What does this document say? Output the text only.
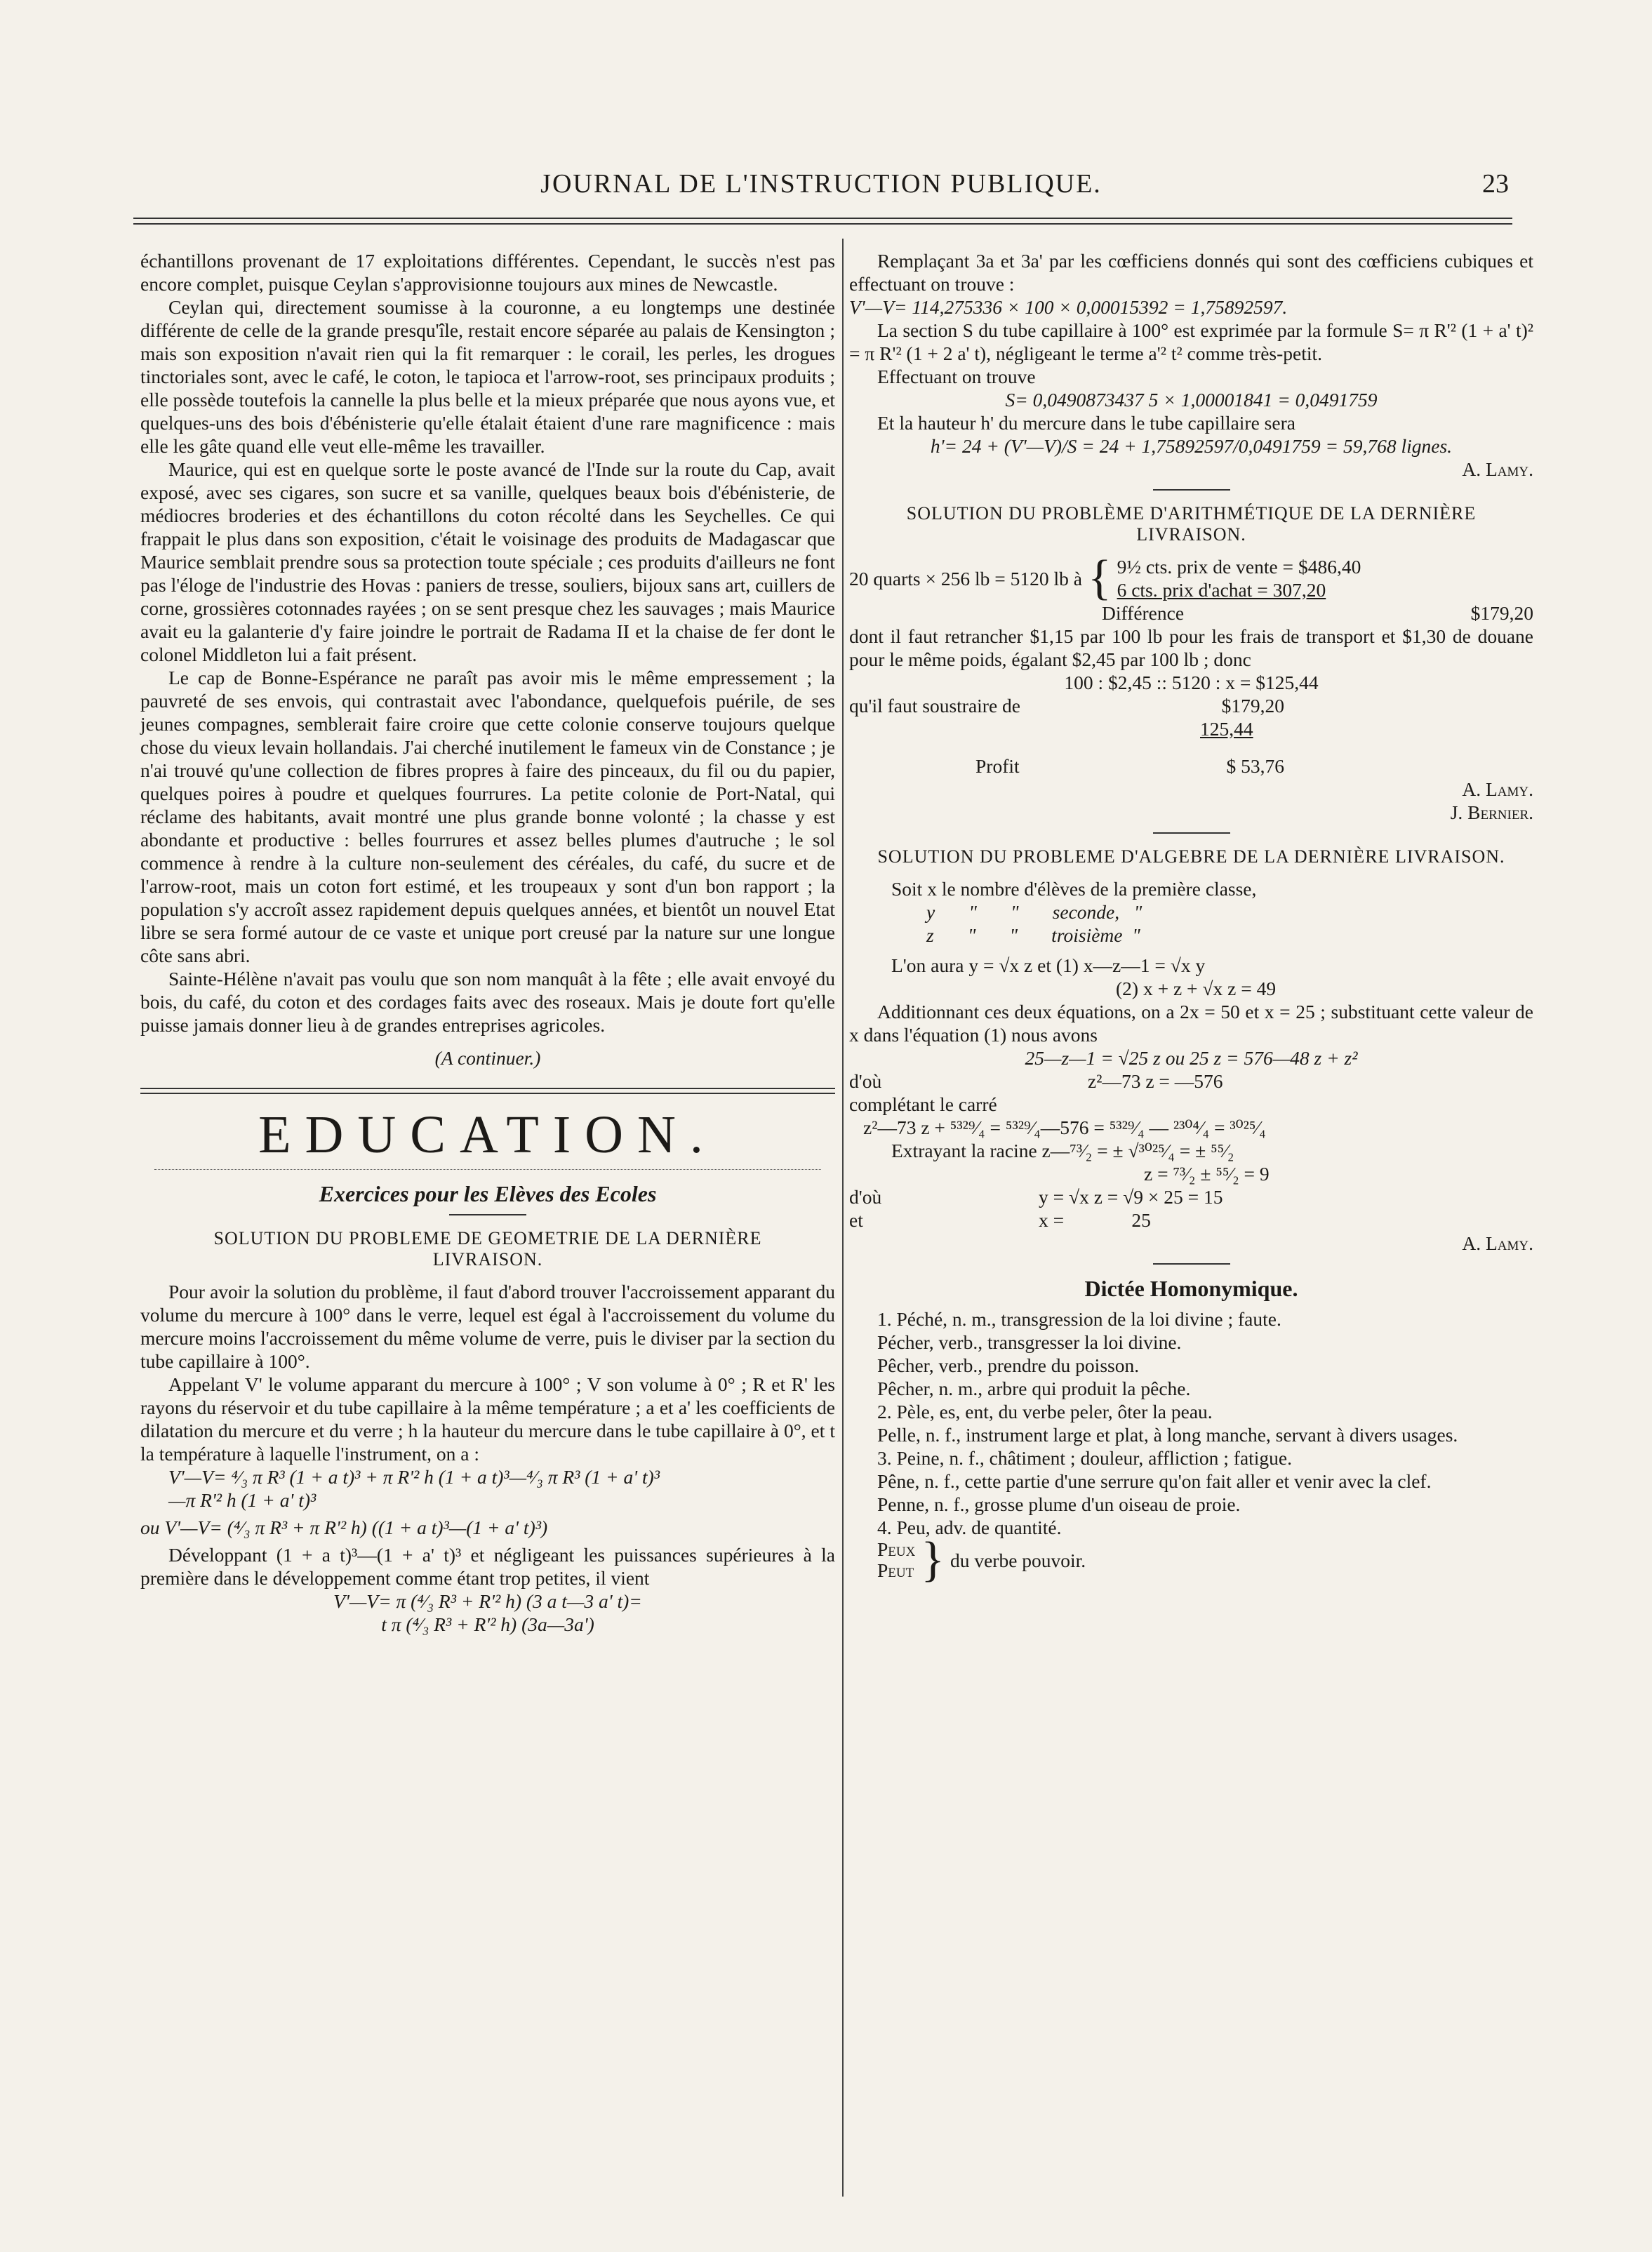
JOURNAL DE L'INSTRUCTION PUBLIQUE.	23

échantillons provenant de 17 exploitations différentes. Cependant, le succès n'est pas encore complet, puisque Ceylan s'approvisionne toujours aux mines de Newcastle.

Ceylan qui, directement soumisse à la couronne, a eu longtemps une destinée différente de celle de la grande presqu'île, restait encore séparée au palais de Kensington ; mais son exposition n'avait rien qui la fit remarquer : le corail, les perles, les drogues tinctoriales sont, avec le café, le coton, le tapioca et l'arrow-root, ses principaux produits ; elle possède toutefois la cannelle la plus belle et la mieux préparée que nous ayons vue, et quelques-uns des bois d'ébénisterie qu'elle étalait étaient d'une rare magnificence : mais elle les gâte quand elle veut elle-même les travailler.

Maurice, qui est en quelque sorte le poste avancé de l'Inde sur la route du Cap, avait exposé, avec ses cigares, son sucre et sa vanille, quelques beaux bois d'ébénisterie, de médiocres broderies et des échantillons du coton récolté dans les Seychelles. Ce qui frappait le plus dans son exposition, c'était le voisinage des produits de Madagascar que Maurice semblait prendre sous sa protection toute spéciale ; ces produits d'ailleurs ne font pas l'éloge de l'industrie des Hovas : paniers de tresse, souliers, bijoux sans art, cuillers de corne, grossières cotonnades rayées ; on se sent presque chez les sauvages ; mais Maurice avait eu la galanterie d'y faire joindre le portrait de Radama II et la chaise de fer dont le colonel Middleton lui a fait présent.

Le cap de Bonne-Espérance ne paraît pas avoir mis le même empressement ; la pauvreté de ses envois, qui contrastait avec l'abondance, quelquefois puérile, de ses jeunes compagnes, semblerait faire croire que cette colonie conserve toujours quelque chose du vieux levain hollandais. J'ai cherché inutilement le fameux vin de Constance ; je n'ai trouvé qu'une collection de fibres propres à faire des pinceaux, du fil ou du papier, quelques poires à poudre et quelques fourrures. La petite colonie de Port-Natal, qui réclame des habitants, avait montré une plus grande bonne volonté ; la chasse y est abondante et productive : belles fourrures et assez belles plumes d'autruche ; le sol commence à rendre à la culture non-seulement des céréales, du café, du sucre et de l'arrow-root, mais un coton fort estimé, et les troupeaux y sont d'un bon rapport ; la population s'y accroît assez rapidement depuis quelques années, et bientôt un nouvel Etat libre se sera formé autour de ce vaste et unique port creusé par la nature sur une longue côte sans abri.

Sainte-Hélène n'avait pas voulu que son nom manquât à la fête ; elle avait envoyé du bois, du café, du coton et des cordages faits avec des roseaux. Mais je doute fort qu'elle puisse jamais donner lieu à de grandes entreprises agricoles.

(A continuer.)

EDUCATION.
Exercices pour les Elèves des Ecoles
SOLUTION DU PROBLEME DE GEOMETRIE DE LA DERNIÈRE LIVRAISON.

Pour avoir la solution du problème, il faut d'abord trouver l'accroissement apparant du volume du mercure à 100° dans le verre, lequel est égal à l'accroissement du volume du mercure moins l'accroissement du même volume de verre, puis le diviser par la section du tube capillaire à 100°.

Appelant V' le volume apparant du mercure à 100° ; V son volume à 0° ; R et R' les rayons du réservoir et du tube capillaire à la même température ; a et a' les coefficients de dilatation du mercure et du verre ; h la hauteur du mercure dans le tube capillaire à 0°, et t la température à laquelle l'instrument, on a :

V'—V= ⁴⁄₃ π R³ (1 + a t)³ + π R'² h (1 + a t)³—⁴⁄₃ π R³ (1 + a' t)³

—π R'² h (1 + a' t)³

ou V'—V= (⁴⁄₃ π R³ + π R'² h) ((1 + a t)³—(1 + a' t)³)

Développant (1 + a t)³—(1 + a' t)³ et négligeant les puissances supérieures à la première dans le développement comme étant trop petites, il vient

V'—V= π (⁴⁄₃ R³ + R'² h) (3 a t—3 a' t)=

t π (⁴⁄₃ R³ + R'² h) (3a—3a')

Remplaçant 3a et 3a' par les cœfficiens donnés qui sont des cœfficiens cubiques et effectuant on trouve :

V'—V= 114,275336 × 100 × 0,00015392 = 1,75892597.

La section S du tube capillaire à 100° est exprimée par la formule S= π R'² (1 + a' t)² = π R'² (1 + 2 a' t), négligeant le terme a'² t² comme très-petit.

Effectuant on trouve

S= 0,0490873437 5 × 1,00001841 = 0,0491759

Et la hauteur h' du mercure dans le tube capillaire sera

h'= 24 + (V'—V)/S = 24 + 1,75892597/0,0491759 = 59,768 lignes.

A. Lamy.

SOLUTION DU PROBLÈME D'ARITHMÉTIQUE DE LA DERNIÈRE LIVRAISON.
20 quarts × 256 lb = 5120 lb à { 9½ cts. prix de vente = $486,40
6 cts. prix d'achat = 307,20
Différence	$179,20

dont il faut retrancher $1,15 par 100 lb pour les frais de transport et $1,30 de douane pour le même poids, égalant $2,45 par 100 lb ; donc

100 : $2,45 :: 5120 : x = $125,44

qu'il faut soustraire de	$179,20
125,44
Profit	$ 53,76

A. Lamy.

J. Bernier.

SOLUTION DU PROBLEME D'ALGEBRE DE LA DERNIÈRE LIVRAISON.

Soit x le nombre d'élèves de la première classe,

y       "       "       seconde,   "

z       "       "       troisième  "

L'on aura y = √x z et (1) x—z—1 = √x y

(2) x + z + √x z = 49

Additionnant ces deux équations, on a 2x = 50 et x = 25 ; substituant cette valeur de x dans l'équation (1) nous avons

25—z—1 = √25 z ou 25 z = 576—48 z + z²

d'où	z²—73 z = —576

complétant le carré

z²—73 z + ⁵³²⁹⁄₄ = ⁵³²⁹⁄₄—576 = ⁵³²⁹⁄₄ — ²³⁰⁴⁄₄ = ³⁰²⁵⁄₄

Extrayant la racine z—⁷³⁄₂ = ± √³⁰²⁵⁄₄ = ± ⁵⁵⁄₂

z = ⁷³⁄₂ ± ⁵⁵⁄₂ = 9

d'où	y = √x z = √9 × 25 = 15
et	x =              25

A. Lamy.

Dictée Homonymique.

1. Péché, n. m., transgression de la loi divine ; faute.

Pécher, verb., transgresser la loi divine.

Pêcher, verb., prendre du poisson.

Pêcher, n. m., arbre qui produit la pêche.

2. Pèle, es, ent, du verbe peler, ôter la peau.

Pelle, n. f., instrument large et plat, à long manche, servant à divers usages.

3. Peine, n. f., châtiment ; douleur, affliction ; fatigue.

Pêne, n. f., cette partie d'une serrure qu'on fait aller et venir avec la clef.

Penne, n. f., grosse plume d'un oiseau de proie.

4. Peu, adv. de quantité.

Peux
Peut } du verbe pouvoir.
